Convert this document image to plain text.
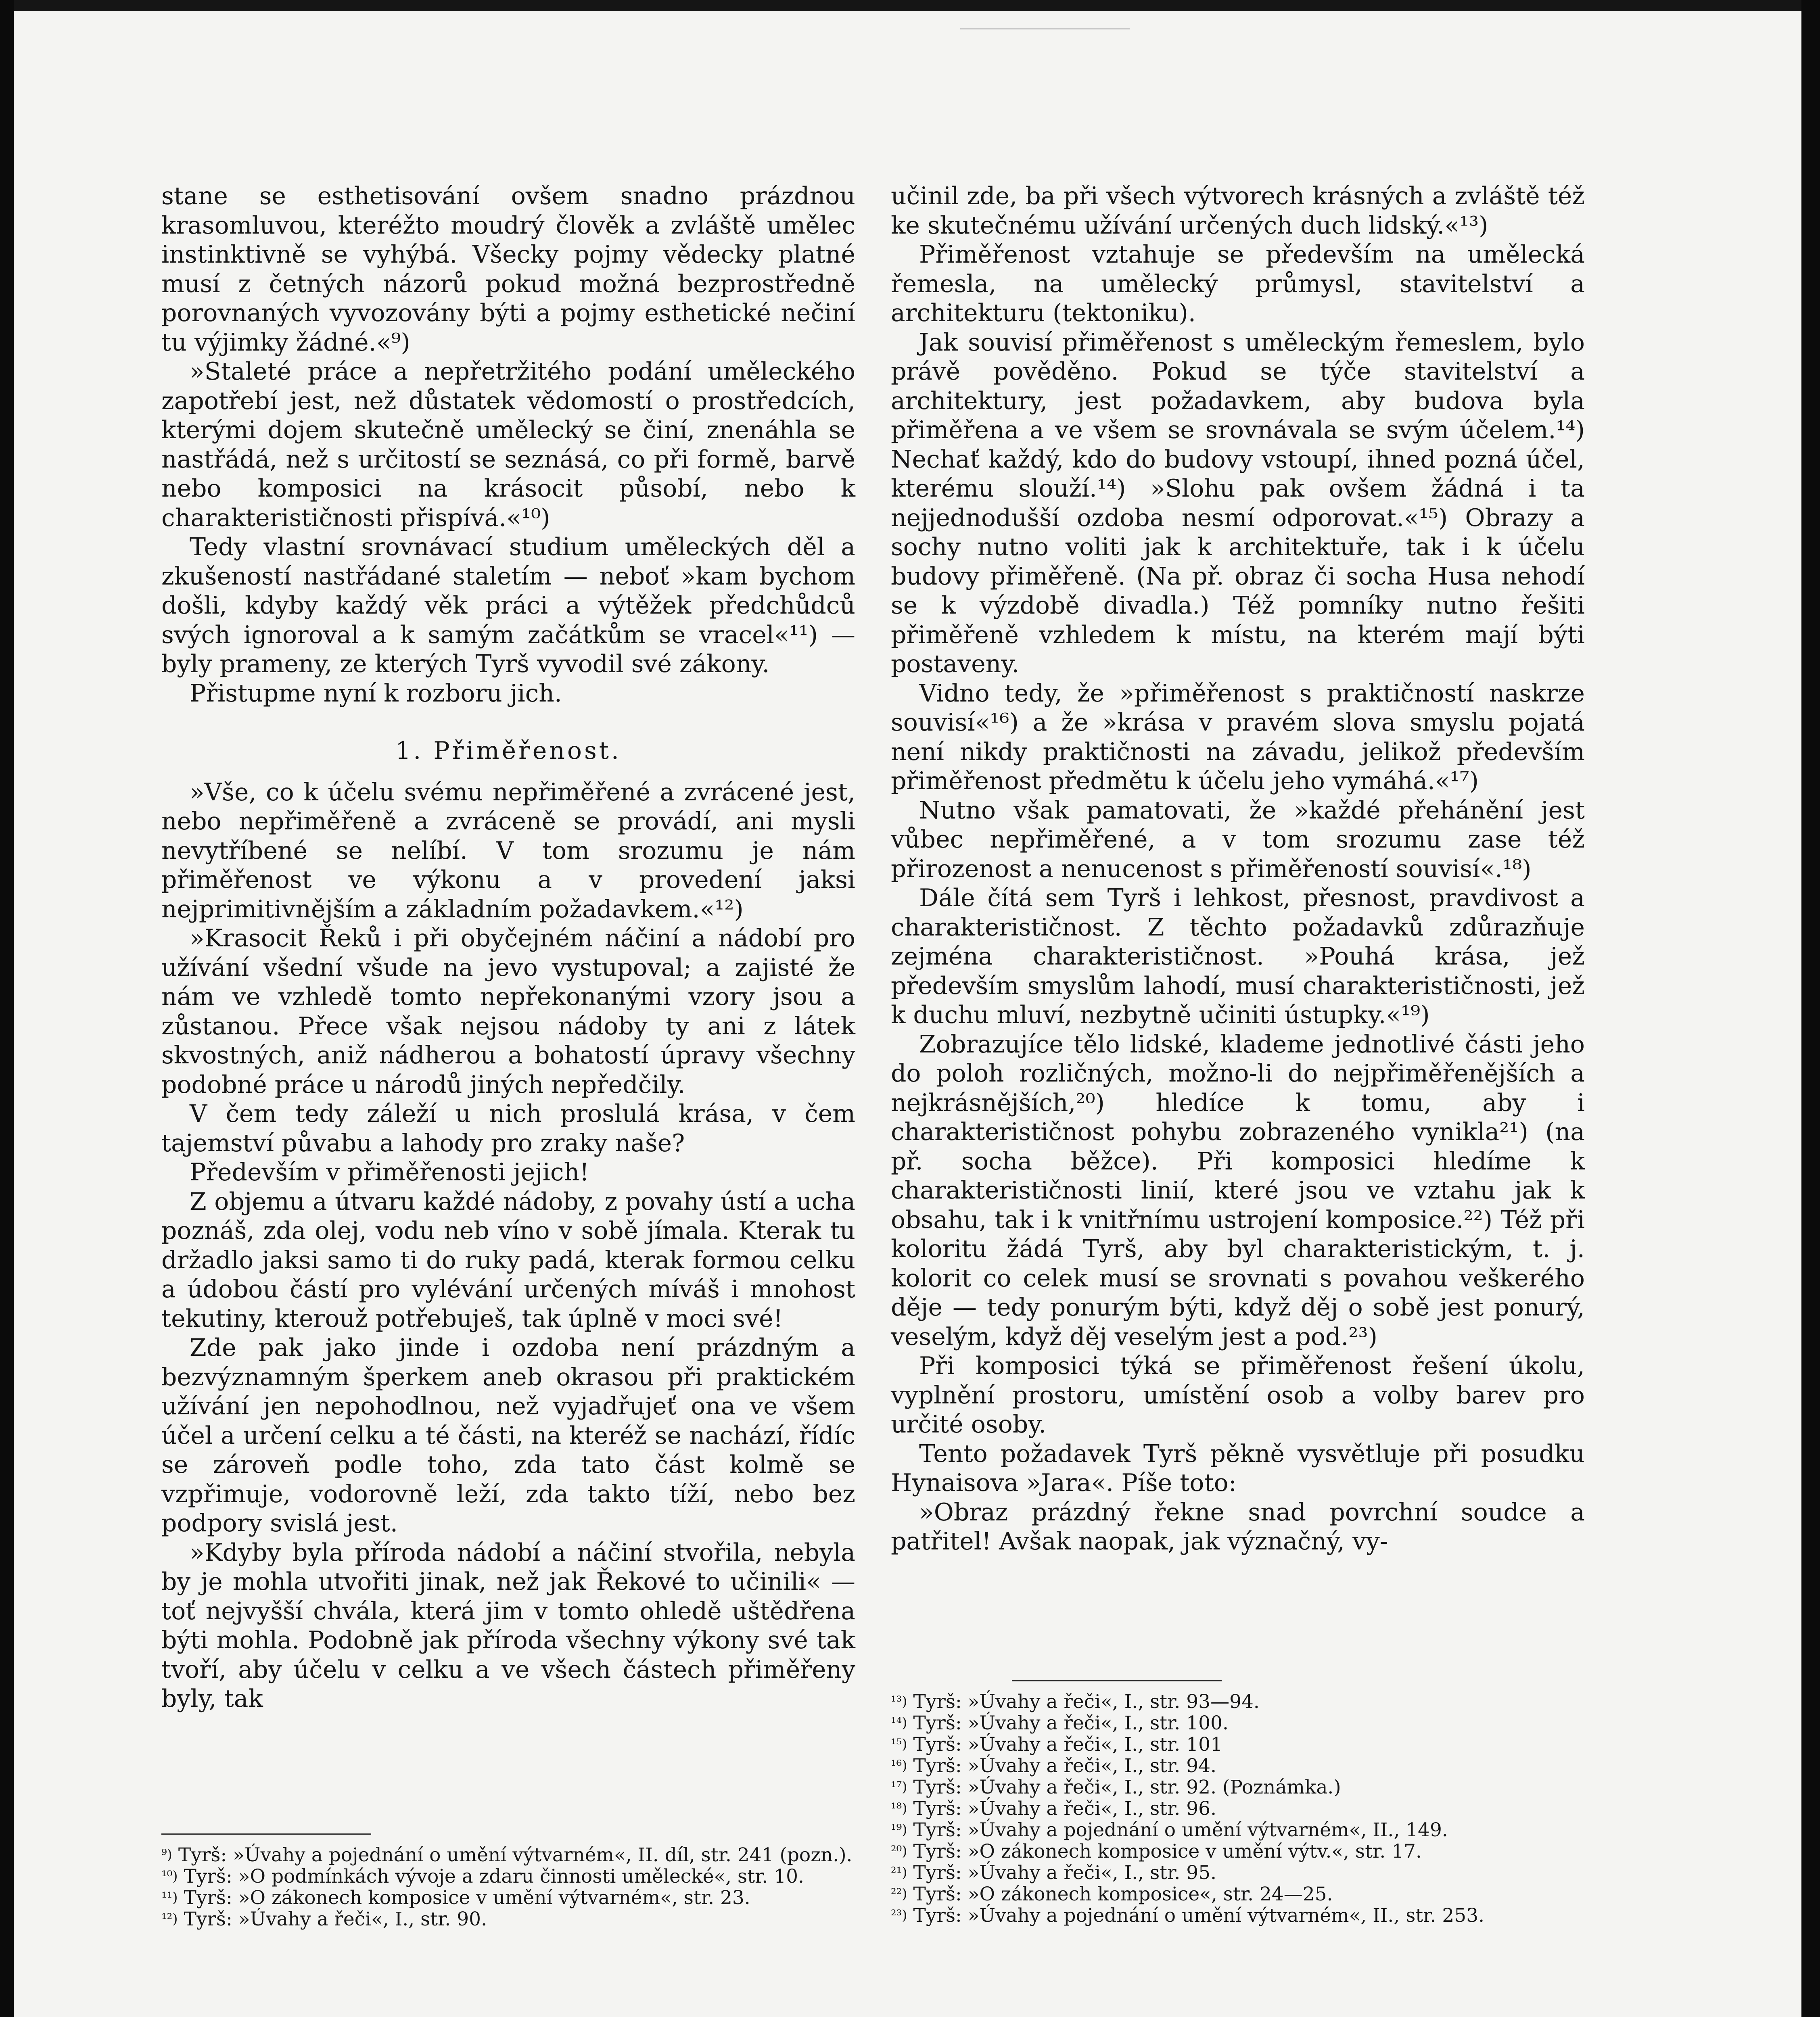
stane se esthetisování ovšem snadno prázdnou krasomluvou, kteréžto moudrý člověk a zvláště umělec instinktivně se vyhýbá. Všecky pojmy vědecky platné musí z četných názorů pokud možná bezprostředně porovnaných vyvozovány býti a pojmy esthetické nečiní tu výjimky žádné.«⁹)

»Staleté práce a nepřetržitého podání uměleckého zapotřebí jest, než důstatek vědomostí o prostředcích, kterými dojem skutečně umělecký se činí, znenáhla se nastřádá, než s určitostí se seznásá, co při formě, barvě nebo komposici na krásocit působí, nebo k charakterističnosti přispívá.«¹⁰)

Tedy vlastní srovnávací studium uměleckých děl a zkušeností nastřádané staletím — neboť »kam bychom došli, kdyby každý věk práci a výtěžek předchůdců svých ignoroval a k samým začátkům se vracel«¹¹) — byly prameny, ze kterých Tyrš vyvodil své zákony.

Přistupme nyní k rozboru jich.

1. Přiměřenost.

»Vše, co k účelu svému nepřiměřené a zvrácené jest, nebo nepřiměřeně a zvráceně se provádí, ani mysli nevytříbené se nelíbí. V tom srozumu je nám přiměřenost ve výkonu a v provedení jaksi nejprimitivnějším a základním požadavkem.«¹²)

»Krasocit Řeků i při obyčejném náčiní a nádobí pro užívání všední všude na jevo vystupoval; a zajisté že nám ve vzhledě tomto nepřekonanými vzory jsou a zůstanou. Přece však nejsou nádoby ty ani z látek skvostných, aniž nádherou a bohatostí úpravy všechny podobné práce u národů jiných nepředčily.

V čem tedy záleží u nich proslulá krása, v čem tajemství půvabu a lahody pro zraky naše?

Především v přiměřenosti jejich!

Z objemu a útvaru každé nádoby, z povahy ústí a ucha poznáš, zda olej, vodu neb víno v sobě jímala. Kterak tu držadlo jaksi samo ti do ruky padá, kterak formou celku a údobou částí pro vylévání určených míváš i mnohost tekutiny, kterouž potřebuješ, tak úplně v moci své!

Zde pak jako jinde i ozdoba není prázdným a bezvýznamným šperkem aneb okrasou při praktickém užívání jen nepohodlnou, než vyjadřujeť ona ve všem účel a určení celku a té části, na kteréž se nachází, řídíc se zároveň podle toho, zda tato část kolmě se vzpřimuje, vodorovně leží, zda takto tíží, nebo bez podpory svislá jest.

»Kdyby byla příroda nádobí a náčiní stvořila, nebyla by je mohla utvořiti jinak, než jak Řekové to učinili« — toť nejvyšší chvála, která jim v tomto ohledě uštědřena býti mohla. Podobně jak příroda všechny výkony své tak tvoří, aby účelu v celku a ve všech částech přiměřeny byly, tak

$^{^9)}$ Tyrš: »Úvahy a pojednání o umění výtvarném«, II. díl, str. 241 (pozn.).

$^{^{10})}$ Tyrš: »O podmínkách vývoje a zdaru činnosti umělecké«, str. 10.

$^{^{11})}$ Tyrš: »O zákonech komposice v umění výtvarném«, str. 23.

$^{^{12})}$ Tyrš: »Úvahy a řeči«, I., str. 90.

učinil zde, ba při všech výtvorech krásných a zvláště též ke skutečnému užívání určených duch lidský.«¹³)

Přiměřenost vztahuje se především na umělecká řemesla, na umělecký průmysl, stavitelství a architekturu (tektoniku).

Jak souvisí přiměřenost s uměleckým řemeslem, bylo právě pověděno. Pokud se týče stavitelství a architektury, jest požadavkem, aby budova byla přiměřena a ve všem se srovnávala se svým účelem.¹⁴) Nechať každý, kdo do budovy vstoupí, ihned pozná účel, kterému slouží.¹⁴) »Slohu pak ovšem žádná i ta nejjednodušší ozdoba nesmí odporovat.«¹⁵) Obrazy a sochy nutno voliti jak k architektuře, tak i k účelu budovy přiměřeně. (Na př. obraz či socha Husa nehodí se k výzdobě divadla.) Též pomníky nutno řešiti přiměřeně vzhledem k místu, na kterém mají býti postaveny.

Vidno tedy, že »přiměřenost s praktičností naskrze souvisí«¹⁶) a že »krása v pravém slova smyslu pojatá není nikdy praktičnosti na závadu, jelikož především přiměřenost předmětu k účelu jeho vymáhá.«¹⁷)

Nutno však pamatovati, že »každé přehánění jest vůbec nepřiměřené, a v tom srozumu zase též přirozenost a nenucenost s přiměřeností souvisí«.¹⁸)

Dále čítá sem Tyrš i lehkost, přesnost, pravdivost a charakterističnost. Z těchto požadavků zdůrazňuje zejména charakterističnost. »Pouhá krása, jež především smyslům lahodí, musí charakterističnosti, jež k duchu mluví, nezbytně učiniti ústupky.«¹⁹)

Zobrazujíce tělo lidské, klademe jednotlivé části jeho do poloh rozličných, možno-li do nejpřiměřenějších a nejkrásnějších,²⁰) hledíce k tomu, aby i charakterističnost pohybu zobrazeného vynikla²¹) (na př. socha běžce). Při komposici hledíme k charakterističnosti linií, které jsou ve vztahu jak k obsahu, tak i k vnitřnímu ustrojení komposice.²²) Též při koloritu žádá Tyrš, aby byl charakteristickým, t. j. kolorit co celek musí se srovnati s povahou veškerého děje — tedy ponurým býti, když děj o sobě jest ponurý, veselým, když děj veselým jest a pod.²³)

Při komposici týká se přiměřenost řešení úkolu, vyplnění prostoru, umístění osob a volby barev pro určité osoby.

Tento požadavek Tyrš pěkně vysvětluje při posudku Hynaisova »Jara«. Píše toto:

»Obraz prázdný řekne snad povrchní soudce a patřitel! Avšak naopak, jak význačný, vy-

$^{^{13})}$ Tyrš: »Úvahy a řeči«, I., str. 93—94.

$^{^{14})}$ Tyrš: »Úvahy a řeči«, I., str. 100.

$^{^{15})}$ Tyrš: »Úvahy a řeči«, I., str. 101

$^{^{16})}$ Tyrš: »Úvahy a řeči«, I., str. 94.

$^{^{17})}$ Tyrš: »Úvahy a řeči«, I., str. 92. (Poznámka.)

$^{^{18})}$ Tyrš: »Úvahy a řeči«, I., str. 96.

$^{^{19})}$ Tyrš: »Úvahy a pojednání o umění výtvarném«, II., 149.

$^{^{20})}$ Tyrš: »O zákonech komposice v umění výtv.«, str. 17.

$^{^{21})}$ Tyrš: »Úvahy a řeči«, I., str. 95.

$^{^{22})}$ Tyrš: »O zákonech komposice«, str. 24—25.

$^{^{23})}$ Tyrš: »Úvahy a pojednání o umění výtvarném«, II., str. 253.
